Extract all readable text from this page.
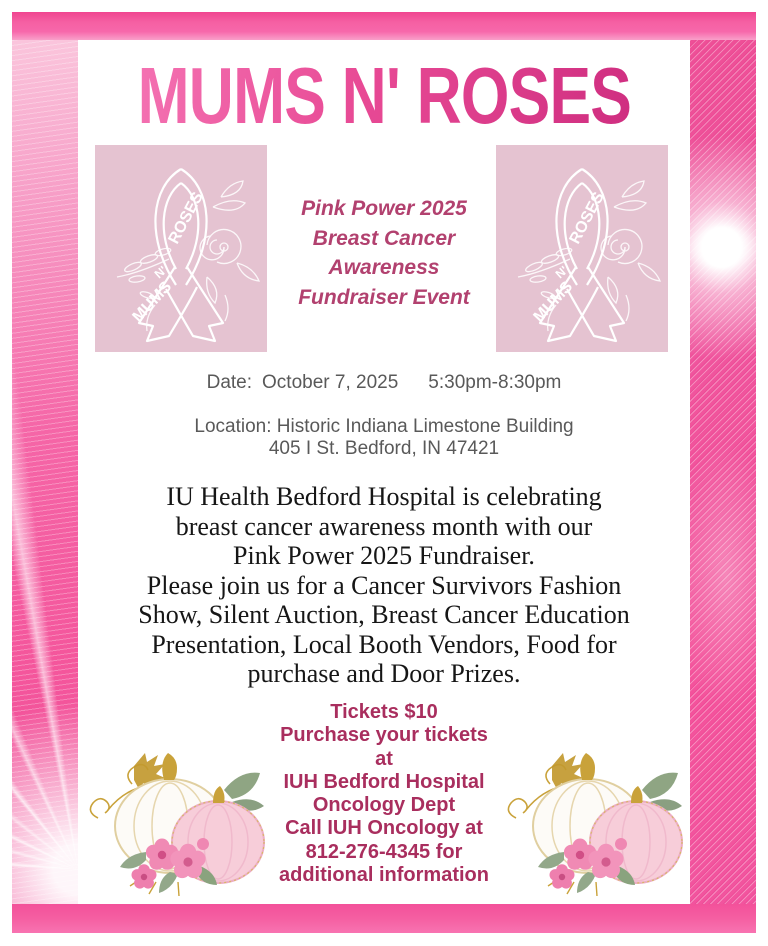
MUMS N' ROSES
MUMS
N'
ROSES
MUMS
N'
ROSES
Pink Power 2025
Breast Cancer
Awareness
Fundraiser Event
Date: October 7, 2025 5:30pm-8:30pm
Location: Historic Indiana Limestone Building
405 I St. Bedford, IN 47421
IU Health Bedford Hospital is celebrating
breast cancer awareness month with our
Pink Power 2025 Fundraiser.
Please join us for a Cancer Survivors Fashion
Show, Silent Auction, Breast Cancer Education
Presentation, Local Booth Vendors, Food for
purchase and Door Prizes.
Tickets $10
Purchase your tickets
at
IUH Bedford Hospital
Oncology Dept
Call IUH Oncology at
812-276-4345 for
additional information
